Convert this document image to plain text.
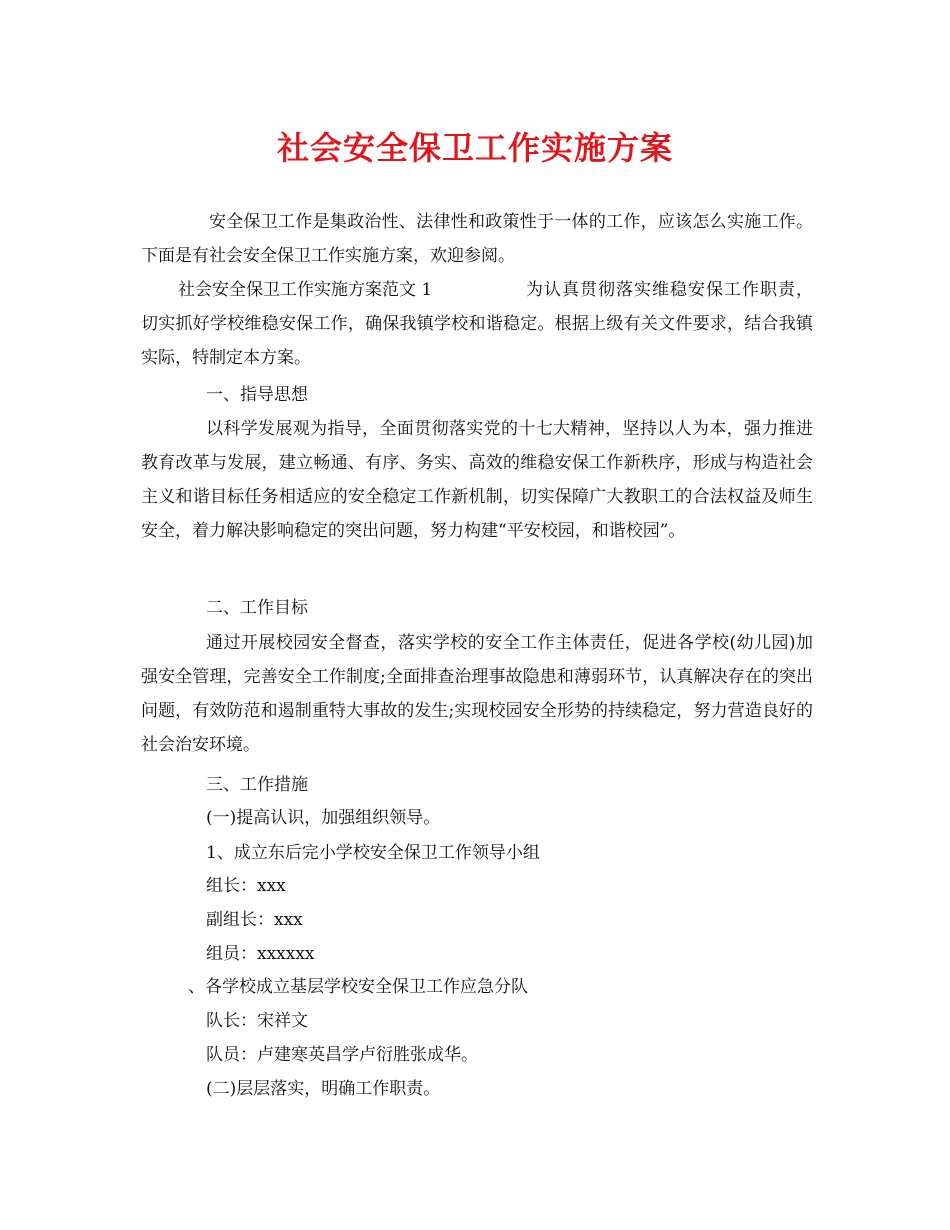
社会安全保卫工作实施方案
安全保卫工作是集政治性、法律性和政策性于一体的工作，应该怎么实施工作。下面是有社会安全保卫工作实施方案，欢迎参阅。
社会安全保卫工作实施方案范文 1	为认真贯彻落实维稳安保工作职责，切实抓好学校维稳安保工作，确保我镇学校和谐稳定。根据上级有关文件要求，结合我镇实际，特制定本方案。
一、指导思想
以科学发展观为指导，全面贯彻落实党的十七大精神，坚持以人为本，强力推进教育改革与发展，建立畅通、有序、务实、高效的维稳安保工作新秩序，形成与构造社会主义和谐目标任务相适应的安全稳定工作新机制，切实保障广大教职工的合法权益及师生安全，着力解决影响稳定的突出问题，努力构建“平安校园，和谐校园”。
二、工作目标
通过开展校园安全督查，落实学校的安全工作主体责任，促进各学校(幼儿园)加强安全管理，完善安全工作制度;全面排查治理事故隐患和薄弱环节，认真解决存在的突出问题，有效防范和遏制重特大事故的发生;实现校园安全形势的持续稳定，努力营造良好的社会治安环境。
三、工作措施
(一)提高认识，加强组织领导。
1、成立东后完小学校安全保卫工作领导小组
组长：xxx
副组长：xxx
组员：xxxxxx
、各学校成立基层学校安全保卫工作应急分队
队长：宋祥文
队员：卢建寒英昌学卢衍胜张成华。
(二)层层落实，明确工作职责。
